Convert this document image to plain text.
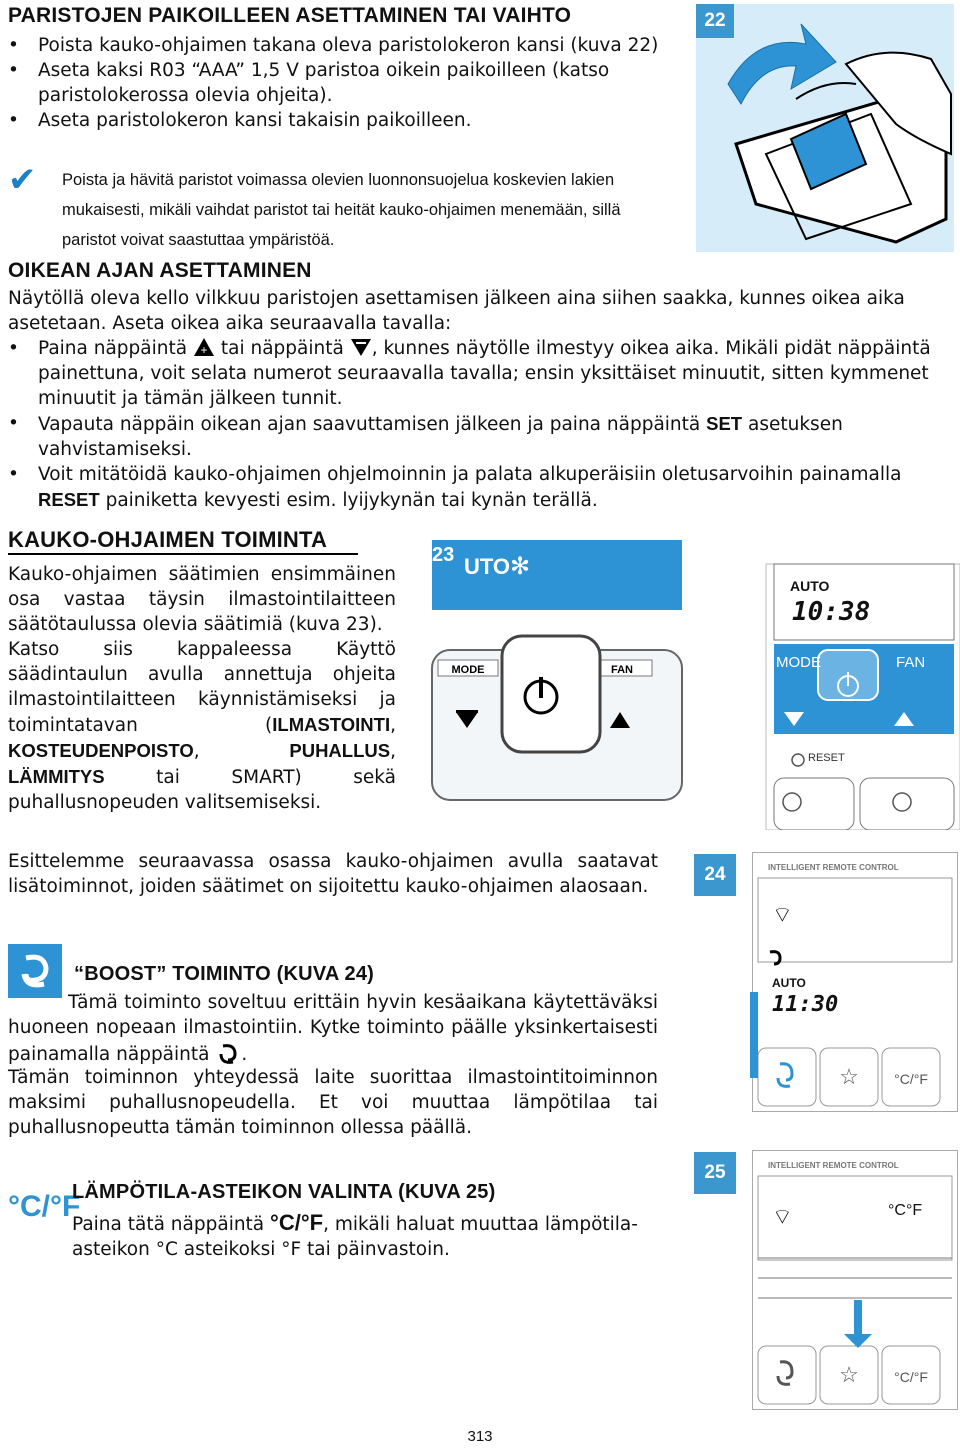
PARISTOJEN PAIKOILLEEN ASETTAMINEN TAI VAIHTO
• Poista kauko-ohjaimen takana oleva paristolokeron kansi (kuva 22)
• Aseta kaksi R03 “AAA” 1,5 V paristoa oikein paikoilleen (katso paristolokerossa olevia ohjeita).
• Aseta paristolokeron kansi takaisin paikoilleen.
✔ Poista ja hävitä paristot voimassa olevien luonnonsuojelua koskevien lakien mukaisesti, mikäli vaihdat paristot tai heität kauko-ohjaimen menemään, sillä paristot voivat saastuttaa ympäristöä.
22
OIKEAN AJAN ASETTAMINEN
Näytöllä oleva kello vilkkuu paristojen asettamisen jälkeen aina siihen saakka, kunnes oikea aika asetetaan. Aseta oikea aika seuraavalla tavalla:
• Paina näppäintä + tai näppäintä , kunnes näytölle ilmestyy oikea aika. Mikäli pidät näppäintä painettuna, voit selata numerot seuraavalla tavalla; ensin yksittäiset minuutit, sitten kymmenet minuutit ja tämän jälkeen tunnit.
• Vapauta näppäin oikean ajan saavuttamisen jälkeen ja paina näppäintä SET asetuksen vahvistamiseksi.
• Voit mitätöidä kauko-ohjaimen ohjelmoinnin ja palata alkuperäisiin oletusarvoihin painamalla RESET painiketta kevyesti esim. lyijykynän tai kynän terällä.
KAUKO-OHJAIMEN TOIMINTA
Kauko-ohjaimen säätimien ensimmäinen osa vastaa täysin ilmastointilaitteen säätötaulussa olevia säätimiä (kuva 23).
Katso siis kappaleessa Käyttö säädintaulun avulla annettuja ohjeita ilmastointilaitteen käynnistämiseksi ja toimintatavan (ILMASTOINTI, KOSTEUDENPOISTO, PUHALLUS, LÄMMITYS	tai SMART) sekä puhallusnopeuden valitsemiseksi.
23 UTO ✻
MODE	FAN
AUTO
10:38
MODE	FAN
RESET
Esittelemme seuraavassa osassa kauko-ohjaimen avulla saatavat lisätoiminnot, joiden säätimet on sijoitettu kauko-ohjaimen alaosaan.
“BOOST” TOIMINTO (KUVA 24)
Tämä toiminto soveltuu erittäin hyvin kesäaikana käytettäväksi huoneen nopeaan ilmastointiin. Kytke toiminto päälle yksinkertaisesti painamalla näppäintä .
Tämän toiminnon yhteydessä laite suorittaa ilmastointitoiminnon maksimi puhallusnopeudella. Et voi muuttaa lämpötilaa tai puhallusnopeutta tämän toiminnon ollessa päällä.
24	INTELLIGENT REMOTE CONTROL
⌔
☆	°C/°F
AUTO
11:30
°C/°F
LÄMPÖTILA-ASTEIKON VALINTA (KUVA 25)
Paina tätä näppäintä °C/°F, mikäli haluat muuttaa lämpötila-asteikon °C asteikoksi °F tai päinvastoin.
25	INTELLIGENT REMOTE CONTROL
°C°F
⌔
☆	°C/°F
313
